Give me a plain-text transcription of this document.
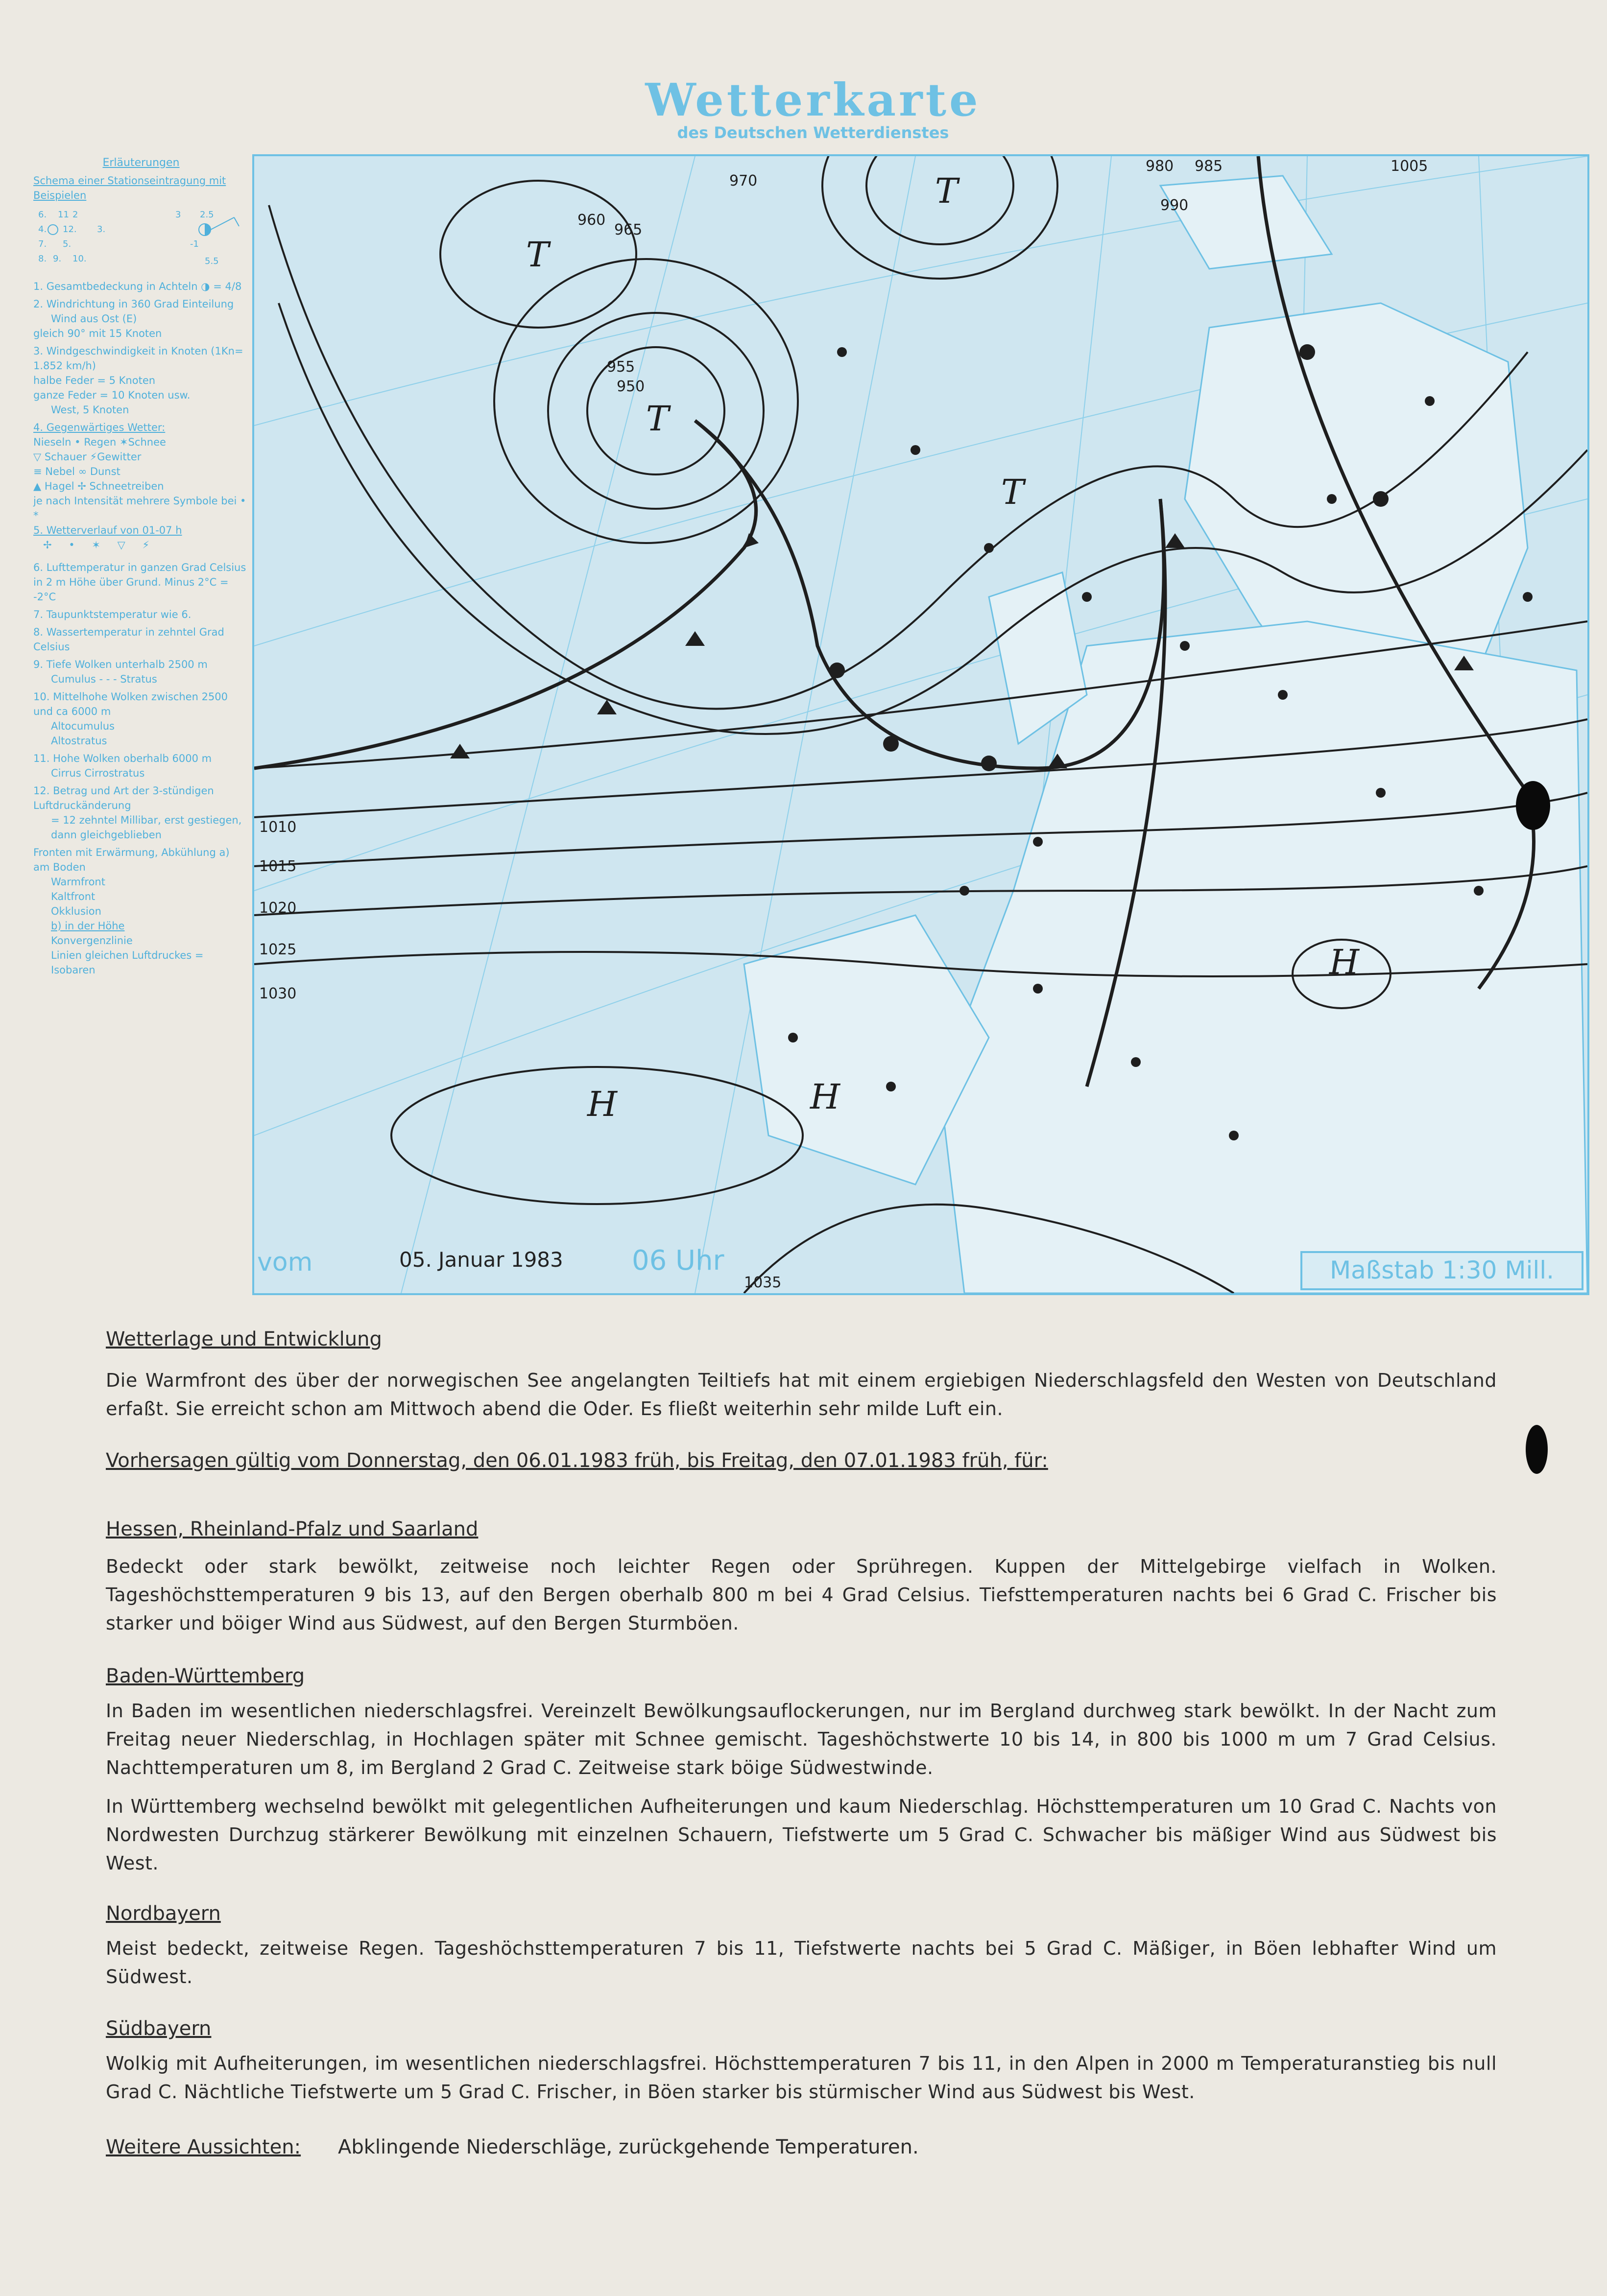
Wetterkarte
des Deutschen Wetterdienstes
Erläuterungen
Schema einer Stationseintragung mit Beispielen
6. 11 2
4. 12. 3.
7. 5.
8. 9. 10.
3 2.5
-1
5.5
1. Gesamtbedeckung in Achteln ◑ = 4/8
2. Windrichtung in 360 Grad Einteilung
Wind aus Ost (E)
gleich 90° mit 15 Knoten
3. Windgeschwindigkeit in Knoten (1Kn= 1.852 km/h)
halbe Feder = 5 Knoten
ganze Feder = 10 Knoten usw.
West, 5 Knoten
4. Gegenwärtiges Wetter:
Nieseln • Regen ✶Schnee
▽ Schauer ⚡Gewitter
≡ Nebel ∞ Dunst
▲ Hagel ✢ Schneetreiben
je nach Intensität mehrere Symbole bei • *
5. Wetterverlauf von 01-07 h
✢ • ✶ ▽ ⚡
6. Lufttemperatur in ganzen Grad Celsius in 2 m Höhe über Grund. Minus 2°C = -2°C
7. Taupunktstemperatur wie 6.
8. Wassertemperatur in zehntel Grad Celsius
9. Tiefe Wolken unterhalb 2500 m
Cumulus - - - Stratus
10. Mittelhohe Wolken zwischen 2500 und ca 6000 m
Altocumulus
Altostratus
11. Hohe Wolken oberhalb 6000 m
Cirrus Cirrostratus
12. Betrag und Art der 3-stündigen Luftdruckänderung
= 12 zehntel Millibar, erst gestiegen, dann gleichgeblieben
Fronten mit Erwärmung, Abkühlung a) am Boden
Warmfront
Kaltfront
Okklusion
b) in der Höhe
Konvergenzlinie
Linien gleichen Luftdruckes = Isobaren
T
T
T
T
H	H
H
960
955
950
965
970
980 985
990
1005
1010
1015
1020
1025
1030
1035
vom	05. Januar 1983	06 Uhr	Maßstab 1:30 Mill.
Wetterlage und Entwicklung
Die Warmfront des über der norwegischen See angelangten Teiltiefs hat mit einem ergiebigen Niederschlagsfeld den Westen von Deutschland erfaßt. Sie erreicht schon am Mittwoch abend die Oder. Es fließt weiterhin sehr milde Luft ein.
Vorhersagen gültig vom Donnerstag, den 06.01.1983 früh, bis Freitag, den 07.01.1983 früh, für:
Hessen, Rheinland-Pfalz und Saarland
Bedeckt oder stark bewölkt, zeitweise noch leichter Regen oder Sprühregen. Kuppen der Mittelgebirge vielfach in Wolken. Tageshöchsttemperaturen 9 bis 13, auf den Bergen oberhalb 800 m bei 4 Grad Celsius. Tiefsttemperaturen nachts bei 6 Grad C. Frischer bis starker und böiger Wind aus Südwest, auf den Bergen Sturmböen.
Baden-Württemberg
In Baden im wesentlichen niederschlagsfrei. Vereinzelt Bewölkungsauflockerungen, nur im Bergland durchweg stark bewölkt. In der Nacht zum Freitag neuer Niederschlag, in Hochlagen später mit Schnee gemischt. Tageshöchstwerte 10 bis 14, in 800 bis 1000 m um 7 Grad Celsius. Nachttemperaturen um 8, im Bergland 2 Grad C. Zeitweise stark böige Südwestwinde.
In Württemberg wechselnd bewölkt mit gelegentlichen Aufheiterungen und kaum Niederschlag. Höchsttemperaturen um 10 Grad C. Nachts von Nordwesten Durchzug stärkerer Bewölkung mit einzelnen Schauern, Tiefstwerte um 5 Grad C. Schwacher bis mäßiger Wind aus Südwest bis West.
Nordbayern
Meist bedeckt, zeitweise Regen. Tageshöchsttemperaturen 7 bis 11, Tiefstwerte nachts bei 5 Grad C. Mäßiger, in Böen lebhafter Wind um Südwest.
Südbayern
Wolkig mit Aufheiterungen, im wesentlichen niederschlagsfrei. Höchsttemperaturen 7 bis 11, in den Alpen in 2000 m Temperaturanstieg bis null Grad C. Nächtliche Tiefstwerte um 5 Grad C. Frischer, in Böen starker bis stürmischer Wind aus Südwest bis West.
Weitere Aussichten: Abklingende Niederschläge, zurückgehende Temperaturen.
